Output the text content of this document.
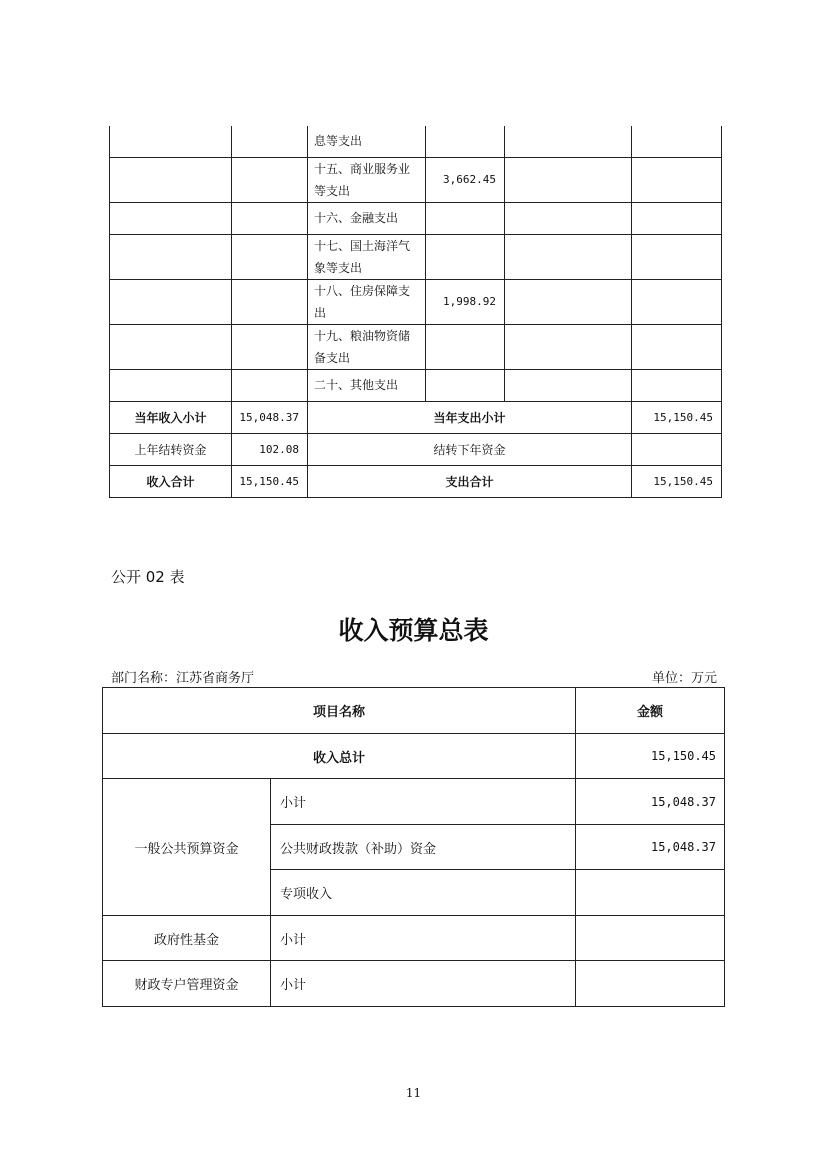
		息等支出			
		十五、商业服务业等支出	3,662.45		
		十六、金融支出			
		十七、国土海洋气象等支出			
		十八、住房保障支出	1,998.92		
		十九、粮油物资储备支出			
		二十、其他支出			
当年收入小计	15,048.37	当年支出小计			15,150.45
上年结转资金	102.08	结转下年资金			
收入合计	15,150.45	支出合计			15,150.45
公开 02 表
收入预算总表
部门名称：江苏省商务厅	单位：万元
项目名称		金额
收入总计		15,150.45
一般公共预算资金	小计	15,048.37
	公共财政拨款（补助）资金	15,048.37
	专项收入	
政府性基金	小计	
财政专户管理资金	小计	
11
